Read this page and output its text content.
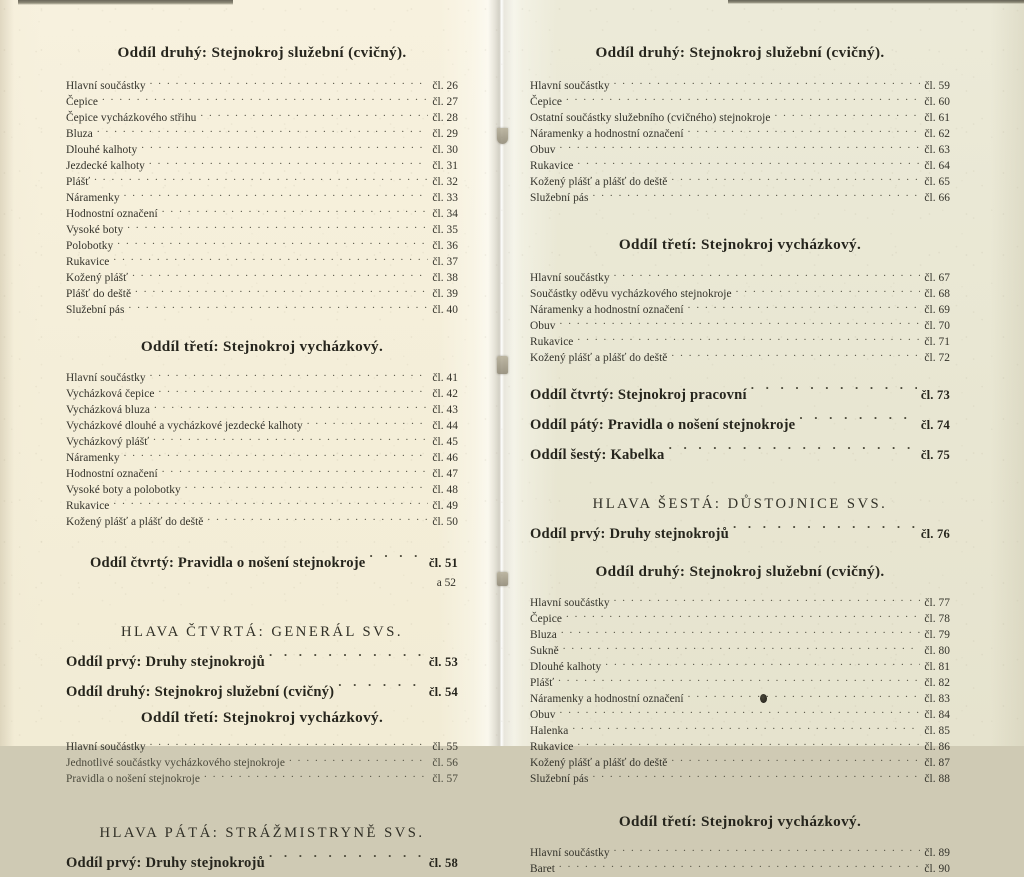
Oddíl druhý: Stejnokroj služební (cvičný).
Hlavní součástky . . .	čl. 26
Čepice . . .	čl. 27
Čepice vycházkového střihu . . .	čl. 28
Bluza . . .	čl. 29
Dlouhé kalhoty . . .	čl. 30
Jezdecké kalhoty . . .	čl. 31
Plášť . . .	čl. 32
Náramenky . . .	čl. 33
Hodnostní označení . . .	čl. 34
Vysoké boty . . .	čl. 35
Polobotky . . .	čl. 36
Rukavice . . .	čl. 37
Kožený plášť . . .	čl. 38
Plášť do deště . . .	čl. 39
Služební pás . . .	čl. 40
Oddíl třetí: Stejnokroj vycházkový.
Hlavní součástky . . .	čl. 41
Vycházková čepice . . .	čl. 42
Vycházková bluza . . .	čl. 43
Vycházkové dlouhé a vycházkové jezdecké kalhoty . . .	čl. 44
Vycházkový plášť . . .	čl. 45
Náramenky . . .	čl. 46
Hodnostní označení . . .	čl. 47
Vysoké boty a polobotky . . .	čl. 48
Rukavice . . .	čl. 49
Kožený plášť a plášť do deště . . .	čl. 50
Oddíl čtvrtý: Pravidla o nošení stejnokroje . . .	čl. 51
a 52
HLAVA ČTVRTÁ: GENERÁL SVS.
Oddíl prvý: Druhy stejnokrojů . . .	čl. 53
Oddíl druhý: Stejnokroj služební (cvičný) . . .	čl. 54
Oddíl třetí: Stejnokroj vycházkový.
Hlavní součástky . . .	čl. 55
Jednotlivé součástky vycházkového stejnokroje . . .	čl. 56
Pravidla o nošení stejnokroje . . .	čl. 57
HLAVA PÁTÁ: STRÁŽMISTRYNĚ SVS.
Oddíl prvý: Druhy stejnokrojů . . .	čl. 58
Oddíl druhý: Stejnokroj služební (cvičný).
Hlavní součástky . . .	čl. 59
Čepice . . .	čl. 60
Ostatní součástky služebního (cvičného) stejnokroje . . .	čl. 61
Náramenky a hodnostní označení . . .	čl. 62
Obuv . . .	čl. 63
Rukavice . . .	čl. 64
Kožený plášť a plášť do deště . . .	čl. 65
Služební pás . . .	čl. 66
Oddíl třetí: Stejnokroj vycházkový.
Hlavní součástky . . .	čl. 67
Součástky oděvu vycházkového stejnokroje . . .	čl. 68
Náramenky a hodnostní označení . . .	čl. 69
Obuv . . .	čl. 70
Rukavice . . .	čl. 71
Kožený plášť a plášť do deště . . .	čl. 72
Oddíl čtvrtý: Stejnokroj pracovní . . .	čl. 73
Oddíl pátý: Pravidla o nošení stejnokroje . . .	čl. 74
Oddíl šestý: Kabelka . . .	čl. 75
HLAVA ŠESTÁ: DŮSTOJNICE SVS.
Oddíl prvý: Druhy stejnokrojů . . .	čl. 76
Oddíl druhý: Stejnokroj služební (cvičný).
Hlavní součástky . . .	čl. 77
Čepice . . .	čl. 78
Bluza . . .	čl. 79
Sukně . . .	čl. 80
Dlouhé kalhoty . . .	čl. 81
Plášť . . .	čl. 82
Náramenky a hodnostní označení . . .	čl. 83
Obuv . . .	čl. 84
Halenka . . .	čl. 85
Rukavice . . .	čl. 86
Kožený plášť a plášť do deště . . .	čl. 87
Služební pás . . .	čl. 88
Oddíl třetí: Stejnokroj vycházkový.
Hlavní součástky . . .	čl. 89
Baret . . .	čl. 90
